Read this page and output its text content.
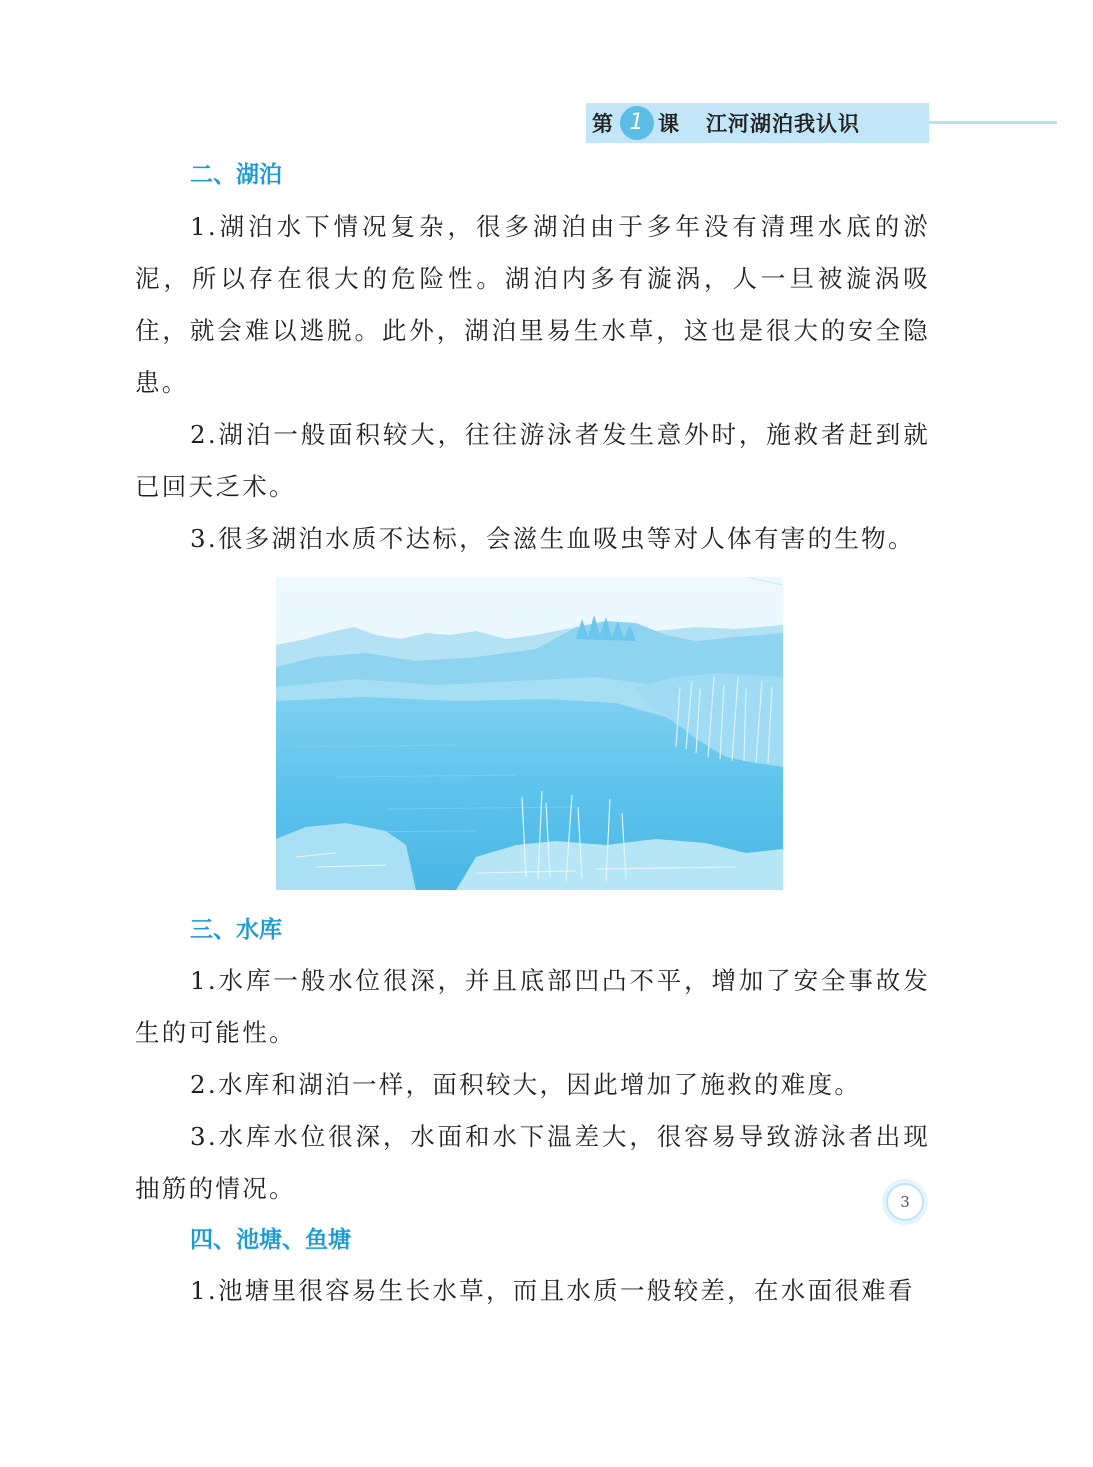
第 1 课 江河湖泊我认识
二、湖泊

1.湖泊水下情况复杂，很多湖泊由于多年没有清理水底的淤泥，所以存在很大的危险性。湖泊内多有漩涡，人一旦被漩涡吸住，就会难以逃脱。此外，湖泊里易生水草，这也是很大的安全隐患。

2.湖泊一般面积较大，往往游泳者发生意外时，施救者赶到就已回天乏术。

3.很多湖泊水质不达标，会滋生血吸虫等对人体有害的生物。

三、水库

1.水库一般水位很深，并且底部凹凸不平，增加了安全事故发生的可能性。

2.水库和湖泊一样，面积较大，因此增加了施救的难度。

3.水库水位很深，水面和水下温差大，很容易导致游泳者出现抽筋的情况。

四、池塘、鱼塘

1.池塘里很容易生长水草，而且水质一般较差，在水面很难看

3
